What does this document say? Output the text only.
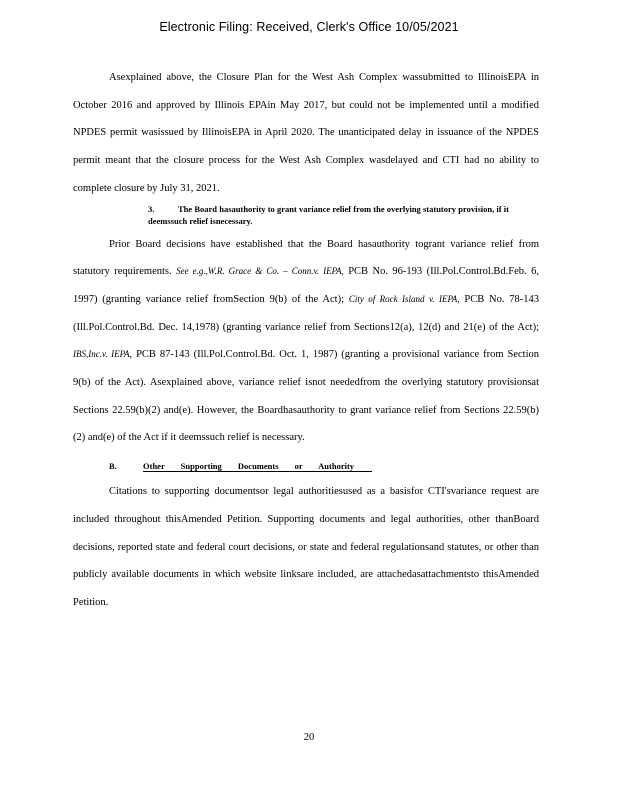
Electronic Filing: Received, Clerk's Office 10/05/2021

Asexplained above, the Closure Plan for the West Ash Complex wassubmitted to IllinoisEPA in October 2016 and approved by Illinois EPAin May 2017, but could not be implemented until a modified NPDES permit wasissued by IllinoisEPA in April 2020. The unanticipated delay in issuance of the NPDES permit meant that the closure process for the West Ash Complex wasdelayed and CTI had no ability to complete closure by July 31, 2021.

3.	The Board hasauthority to grant variance relief from the overlying statutory provision, if it deemssuch relief isnecessary.

Prior Board decisions have established that the Board hasauthority togrant variance relief from statutory requirements. See e.g.,W.R. Grace & Co. – Conn.v. IEPA, PCB No. 96-193 (Ill.Pol.Control.Bd.Feb. 6, 1997) (granting variance relief fromSection 9(b) of the Act); City of Rock Island v. IEPA, PCB No. 78-143 (Ill.Pol.Control.Bd. Dec. 14,1978) (granting variance relief from Sections12(a), 12(d) and 21(e) of the Act); IBS,Inc.v. IEPA, PCB 87-143 (Ill.Pol.Control.Bd. Oct. 1, 1987) (granting a provisional variance from Section 9(b) of the Act). Asexplained above, variance relief isnot neededfrom the overlying statutory provisionsat Sections 22.59(b)(2) and(e). However, the Boardhasauthority to grant variance relief from Sections 22.59(b)(2) and(e) of the Act if it deemssuch relief is necessary.

B.	Other Supporting Documents or Authority

Citations to supporting documentsor legal authoritiesused as a basisfor CTI'svariance request are included throughout thisAmended Petition. Supporting documents and legal authorities, other thanBoard decisions, reported state and federal court decisions, or state and federal regulationsand statutes, or other than publicly available documents in which website linksare included, are attachedasattachmentsto thisAmended Petition.

20
